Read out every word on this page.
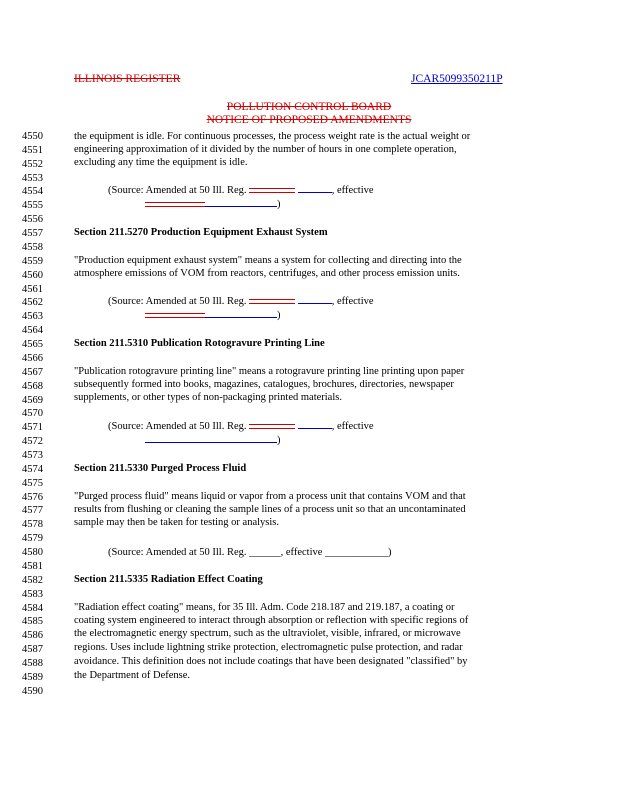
ILLINOIS REGISTER	JCAR5099350211P
POLLUTION CONTROL BOARD
NOTICE OF PROPOSED AMENDMENTS
4550
4551
4552
4553
4554
4555
4556
4557
4558
4559
4560
4561
4562
4563
4564
4565
4566
4567
4568
4569
4570
4571
4572
4573
4574
4575
4576
4577
4578
4579
4580
4581
4582
4583
4584
4585
4586
4587
4588
4589
4590
the equipment is idle. For continuous processes, the process weight rate is the actual weight or
engineering approximation of it divided by the number of hours in one complete operation,
excluding any time the equipment is idle.
(Source: Amended at 50 Ill. Reg.	, effective
)
Section 211.5270 Production Equipment Exhaust System
"Production equipment exhaust system" means a system for collecting and directing into the
atmosphere emissions of VOM from reactors, centrifuges, and other process emission units.
(Source: Amended at 50 Ill. Reg.	, effective
)
Section 211.5310 Publication Rotogravure Printing Line
"Publication rotogravure printing line" means a rotogravure printing line printing upon paper
subsequently formed into books, magazines, catalogues, brochures, directories, newspaper
supplements, or other types of non-packaging printed materials.
(Source: Amended at 50 Ill. Reg.	, effective
)
Section 211.5330 Purged Process Fluid
"Purged process fluid" means liquid or vapor from a process unit that contains VOM and that
results from flushing or cleaning the sample lines of a process unit so that an uncontaminated
sample may then be taken for testing or analysis.
(Source: Amended at 50 Ill. Reg. ______, effective ____________)
Section 211.5335 Radiation Effect Coating
"Radiation effect coating" means, for 35 Ill. Adm. Code 218.187 and 219.187, a coating or
coating system engineered to interact through absorption or reflection with specific regions of
the electromagnetic energy spectrum, such as the ultraviolet, visible, infrared, or microwave
regions. Uses include lightning strike protection, electromagnetic pulse protection, and radar
avoidance. This definition does not include coatings that have been designated "classified" by
the Department of Defense.
